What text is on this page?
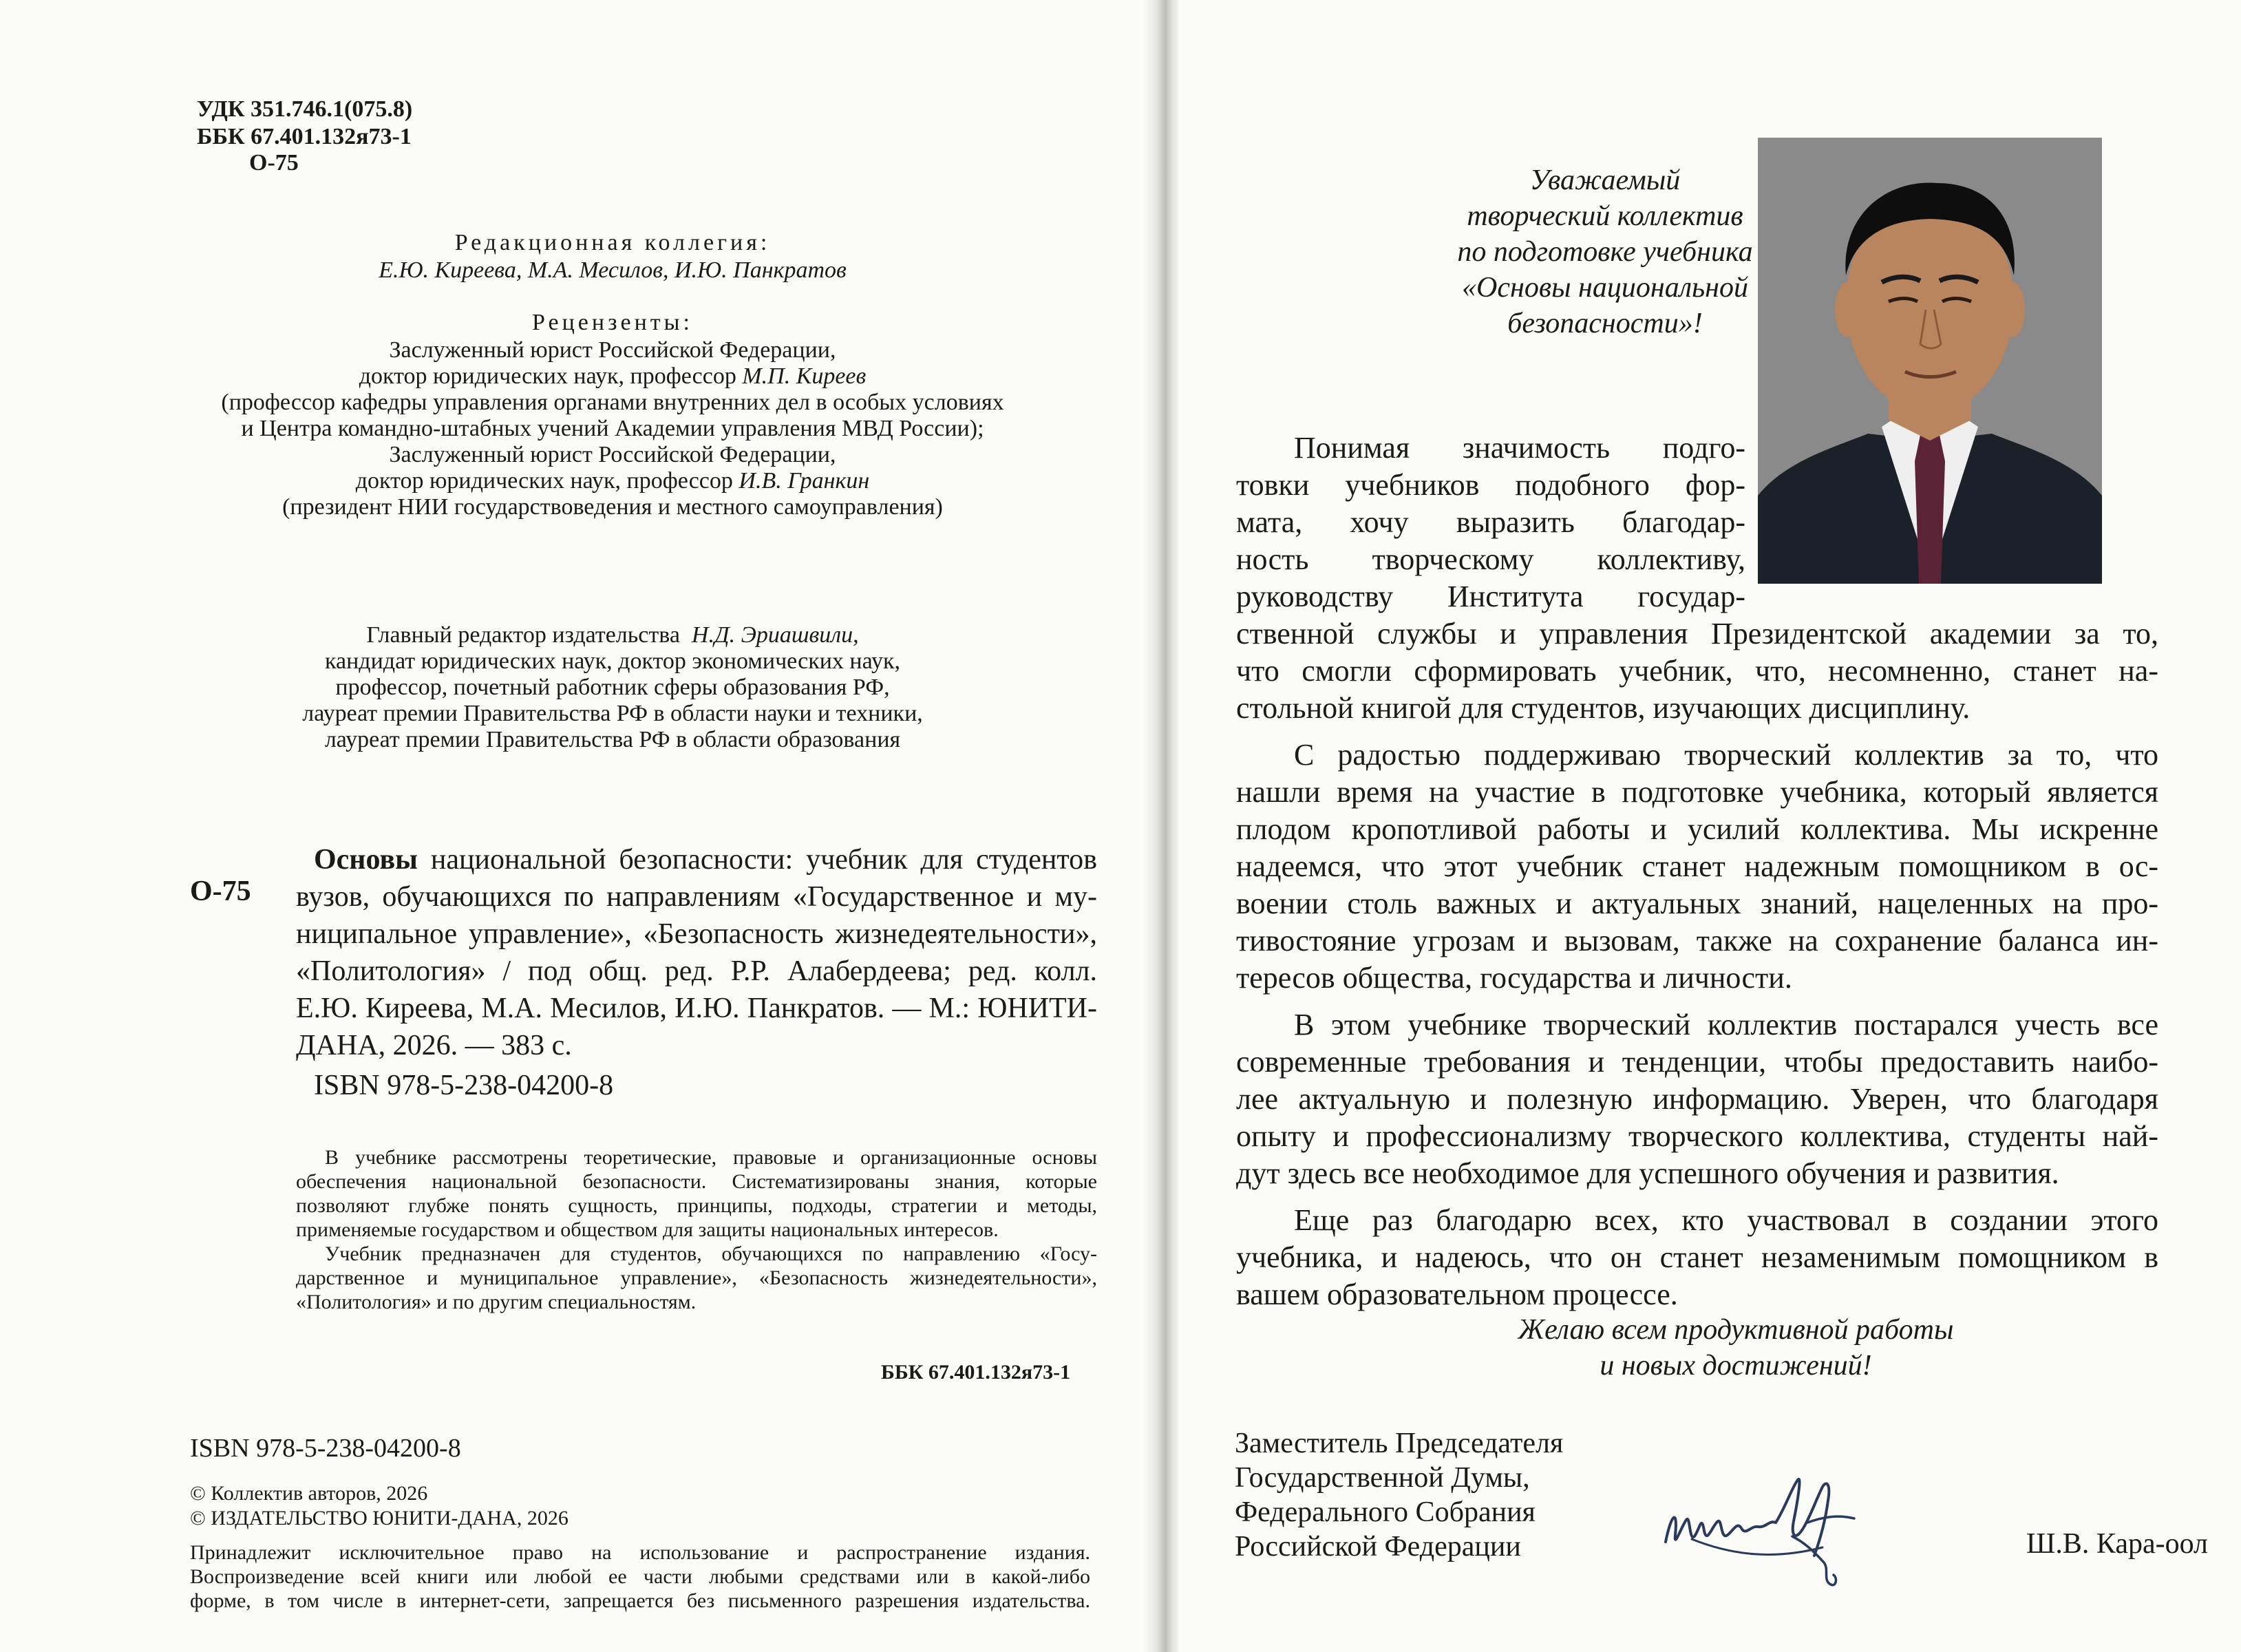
УДК 351.746.1(075.8)
ББК 67.401.132я73-1
О-75
Редакционная коллегия:
Е.Ю. Киреева, М.А. Месилов, И.Ю. Панкратов
Рецензенты:
Заслуженный юрист Российской Федерации,
доктор юридических наук, профессор М.П. Киреев
(профессор кафедры управления органами внутренних дел в особых условиях
и Центра командно-штабных учений Академии управления МВД России);
Заслуженный юрист Российской Федерации,
доктор юридических наук, профессор И.В. Гранкин
(президент НИИ государствоведения и местного самоуправления)
Главный редактор издательства Н.Д. Эриашвили,
кандидат юридических наук, доктор экономических наук,
профессор, почетный работник сферы образования РФ,
лауреат премии Правительства РФ в области науки и техники,
лауреат премии Правительства РФ в области образования
О-75
Основы национальной безопасности: учебник для студентов
вузов, обучающихся по направлениям «Государственное и му-
ниципальное управление», «Безопасность жизнедеятельности»,
«Политология» / под общ. ред. Р.Р. Алабердеева; ред. колл.
Е.Ю. Киреева, М.А. Месилов, И.Ю. Панкратов. — М.: ЮНИТИ-
ДАНА, 2026. — 383 с.
ISBN 978-5-238-04200-8
В учебнике рассмотрены теоретические, правовые и организационные основы
обеспечения национальной безопасности. Систематизированы знания, которые
позволяют глубже понять сущность, принципы, подходы, стратегии и методы,
применяемые государством и обществом для защиты национальных интересов.
Учебник предназначен для студентов, обучающихся по направлению «Госу-
дарственное и муниципальное управление», «Безопасность жизнедеятельности»,
«Политология» и по другим специальностям.
ББК 67.401.132я73-1
ISBN 978-5-238-04200-8
© Коллектив авторов, 2026
© ИЗДАТЕЛЬСТВО ЮНИТИ-ДАНА, 2026
Принадлежит исключительное право на использование и распространение издания.
Воспроизведение всей книги или любой ее части любыми средствами или в какой-либо
форме, в том числе в интернет-сети, запрещается без письменного разрешения издательства.
Уважаемый
творческий коллектив
по подготовке учебника
«Основы национальной
безопасности»!
Понимая значимость подго-
товки учебников подобного фор-
мата, хочу выразить благодар-
ность творческому коллективу,
руководству Института государ-
ственной службы и управления Президентской академии за то,
что смогли сформировать учебник, что, несомненно, станет на-
стольной книгой для студентов, изучающих дисциплину.
С радостью поддерживаю творческий коллектив за то, что
нашли время на участие в подготовке учебника, который является
плодом кропотливой работы и усилий коллектива. Мы искренне
надеемся, что этот учебник станет надежным помощником в ос-
воении столь важных и актуальных знаний, нацеленных на про-
тивостояние угрозам и вызовам, также на сохранение баланса ин-
тересов общества, государства и личности.
В этом учебнике творческий коллектив постарался учесть все
современные требования и тенденции, чтобы предоставить наибо-
лее актуальную и полезную информацию. Уверен, что благодаря
опыту и профессионализму творческого коллектива, студенты най-
дут здесь все необходимое для успешного обучения и развития.
Еще раз благодарю всех, кто участвовал в создании этого
учебника, и надеюсь, что он станет незаменимым помощником в
вашем образовательном процессе.
Желаю всем продуктивной работы
и новых достижений!
Заместитель Председателя
Государственной Думы,
Федерального Собрания
Российской Федерации	Ш.В. Кара-оол
